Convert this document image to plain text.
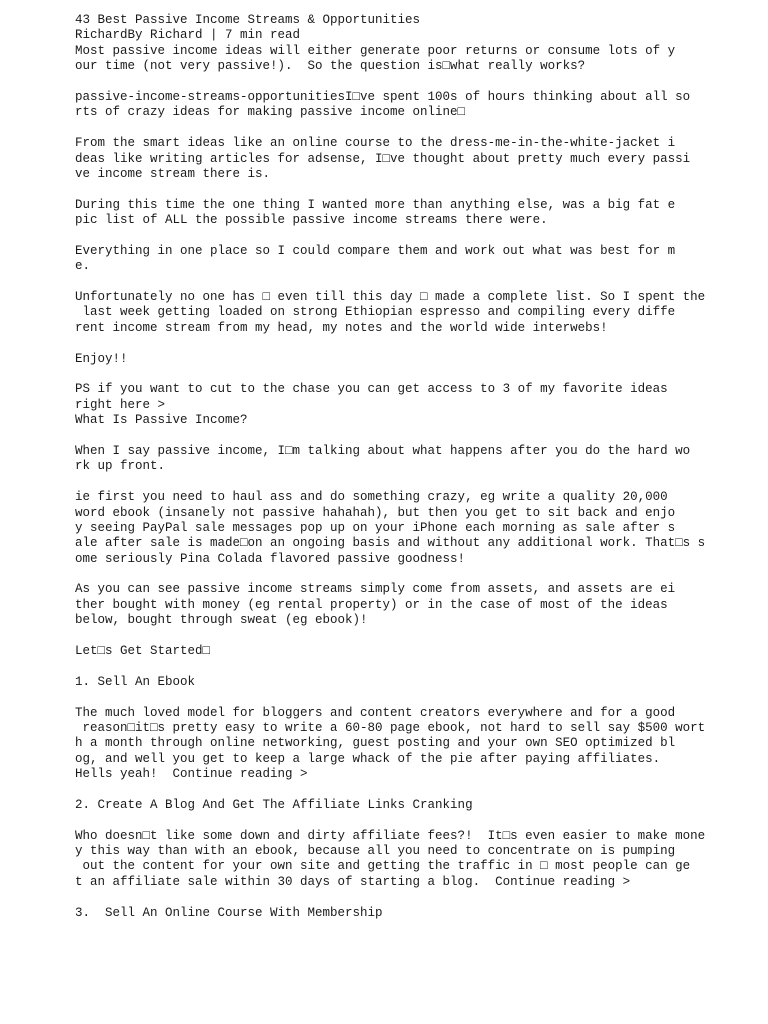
43 Best Passive Income Streams & Opportunities
RichardBy Richard | 7 min read
Most passive income ideas will either generate poor returns or consume lots of y
our time (not very passive!).  So the question is□what really works?
passive-income-streams-opportunitiesI□ve spent 100s of hours thinking about all so
rts of crazy ideas for making passive income online□
From the smart ideas like an online course to the dress-me-in-the-white-jacket i
deas like writing articles for adsense, I□ve thought about pretty much every passi
ve income stream there is.
During this time the one thing I wanted more than anything else, was a big fat e
pic list of ALL the possible passive income streams there were.
Everything in one place so I could compare them and work out what was best for m
e.
Unfortunately no one has □ even till this day □ made a complete list. So I spent the
last week getting loaded on strong Ethiopian espresso and compiling every diffe
rent income stream from my head, my notes and the world wide interwebs!
Enjoy!!
PS if you want to cut to the chase you can get access to 3 of my favorite ideas
right here >
What Is Passive Income?
When I say passive income, I□m talking about what happens after you do the hard wo
rk up front.
ie first you need to haul ass and do something crazy, eg write a quality 20,000
word ebook (insanely not passive hahahah), but then you get to sit back and enjo
y seeing PayPal sale messages pop up on your iPhone each morning as sale after s
ale after sale is made□on an ongoing basis and without any additional work. That□s s
ome seriously Pina Colada flavored passive goodness!
As you can see passive income streams simply come from assets, and assets are ei
ther bought with money (eg rental property) or in the case of most of the ideas
below, bought through sweat (eg ebook)!
Let□s Get Started□
1. Sell An Ebook
The much loved model for bloggers and content creators everywhere and for a good
reason□it□s pretty easy to write a 60-80 page ebook, not hard to sell say $500 wort
h a month through online networking, guest posting and your own SEO optimized bl
og, and well you get to keep a large whack of the pie after paying affiliates.
Hells yeah!  Continue reading >
2. Create A Blog And Get The Affiliate Links Cranking
Who doesn□t like some down and dirty affiliate fees?!  It□s even easier to make mone
y this way than with an ebook, because all you need to concentrate on is pumping
out the content for your own site and getting the traffic in □ most people can ge
t an affiliate sale within 30 days of starting a blog.  Continue reading >
3.  Sell An Online Course With Membership
